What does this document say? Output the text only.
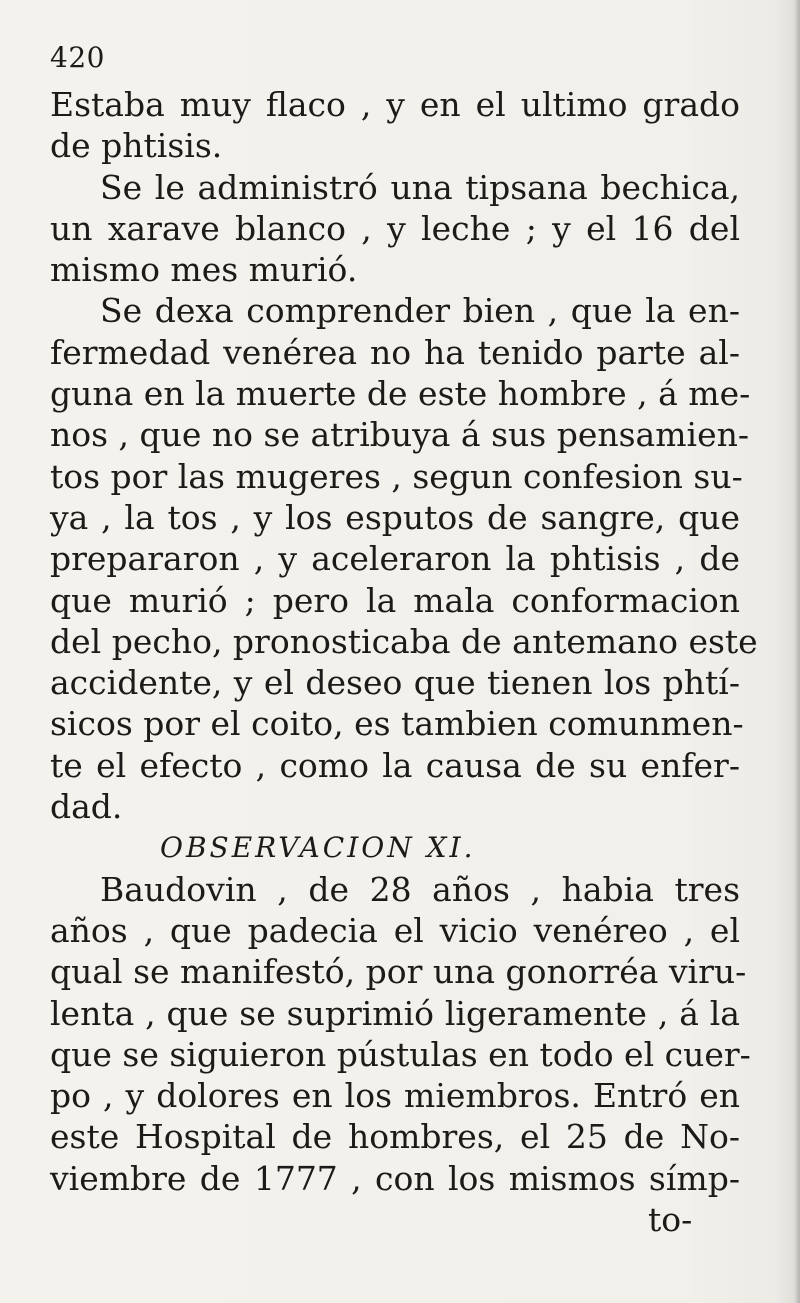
420

Estaba muy flaco , y en el ultimo grado
de phtisis.
Se le administró una tipsana bechica,
un xarave blanco , y leche ; y el 16 del
mismo mes murió.
Se dexa comprender bien , que la en-
fermedad venérea no ha tenido parte al-
guna en la muerte de este hombre , á me-
nos , que no se atribuya á sus pensamien-
tos por las mugeres , segun confesion su-
ya , la tos , y los esputos de sangre, que
prepararon , y aceleraron la phtisis , de
que murió ; pero la mala conformacion
del pecho, pronosticaba de antemano este
accidente, y el deseo que tienen los phtí-
sicos por el coito, es tambien comunmen-
te el efecto , como la causa de su enfer-
dad.
OBSERVACION XI.
Baudovin , de 28 años , habia tres
años , que padecia el vicio venéreo , el
qual se manifestó, por una gonorréa viru-
lenta , que se suprimió ligeramente , á la
que se siguieron pústulas en todo el cuer-
po , y dolores en los miembros. Entró en
este Hospital de hombres, el 25 de No-
viembre de 1777 , con los mismos símp-
to-
